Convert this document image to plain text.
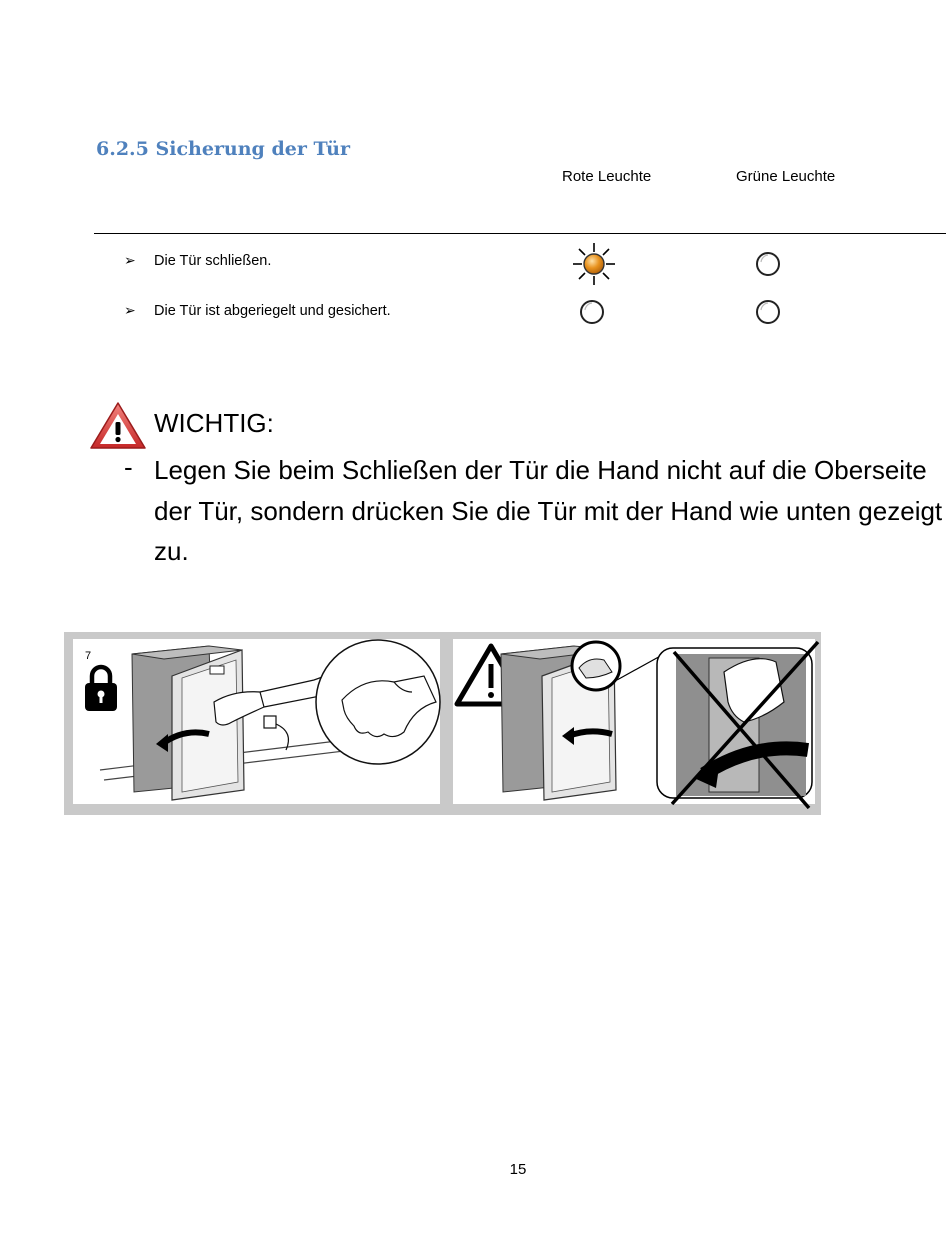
6.2.5 Sicherung der Tür
Rote Leuchte	Grüne Leuchte
➢ Die Tür schließen.
➢ Die Tür ist abgeriegelt und gesichert.
WICHTIG:
- Legen Sie beim Schließen der Tür die Hand nicht auf die Oberseite der Tür, sondern drücken Sie die Tür mit der Hand wie unten gezeigt zu.
7
15
